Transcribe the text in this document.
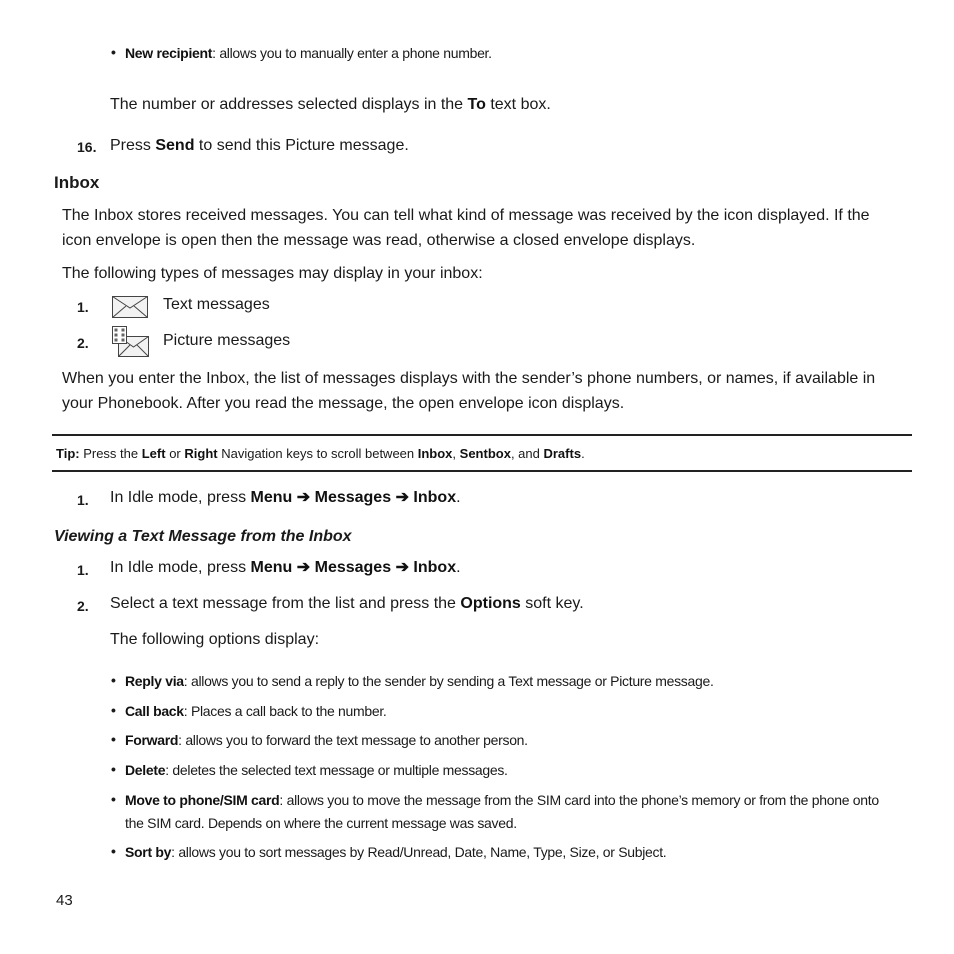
• New recipient: allows you to manually enter a phone number.
The number or addresses selected displays in the To text box.
16. Press Send to send this Picture message.
Inbox
The Inbox stores received messages. You can tell what kind of message was received by the icon displayed. If the
icon envelope is open then the message was read, otherwise a closed envelope displays.
The following types of messages may display in your inbox:
1.	Text messages
2.	Picture messages
When you enter the Inbox, the list of messages displays with the sender’s phone numbers, or names, if available in
your Phonebook. After you read the message, the open envelope icon displays.
Tip: Press the Left or Right Navigation keys to scroll between Inbox, Sentbox, and Drafts.
1. In Idle mode, press Menu ➔ Messages ➔ Inbox.
Viewing a Text Message from the Inbox
1. In Idle mode, press Menu ➔ Messages ➔ Inbox.
2. Select a text message from the list and press the Options soft key.
The following options display:
• Reply via: allows you to send a reply to the sender by sending a Text message or Picture message.
• Call back: Places a call back to the number.
• Forward: allows you to forward the text message to another person.
• Delete: deletes the selected text message or multiple messages.
• Move to phone/SIM card: allows you to move the message from the SIM card into the phone’s memory or from the phone onto
the SIM card. Depends on where the current message was saved.
• Sort by: allows you to sort messages by Read/Unread, Date, Name, Type, Size, or Subject.
43
